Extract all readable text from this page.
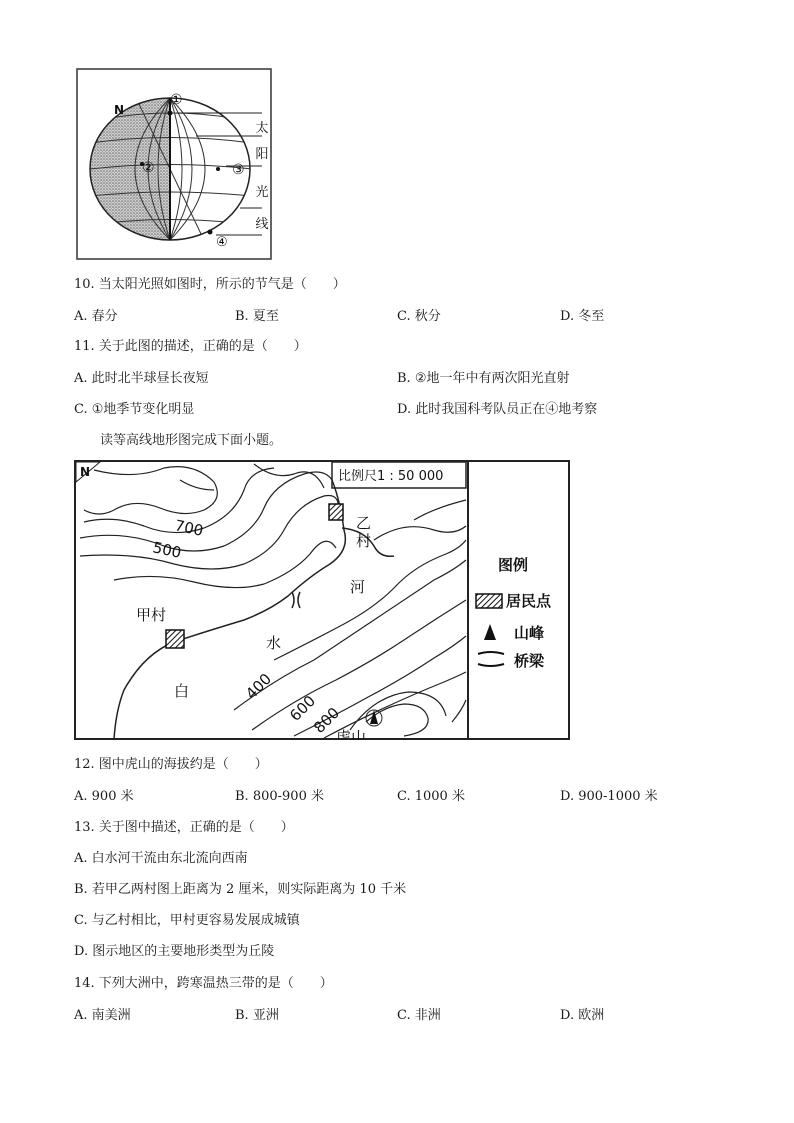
N
①
②	③
④
太
阳
光
线
10. 当太阳光照如图时，所示的节气是（　　）
A. 春分	B. 夏至	C. 秋分	D. 冬至
11. 关于此图的描述，正确的是（　　）
A. 此时北半球昼长夜短	B. ②地一年中有两次阳光直射
C. ①地季节变化明显	D. 此时我国科考队员正在④地考察
读等高线地形图完成下面小题。
N	比例尺1 : 50 000
700
500
400
600
800
甲村
乙
村
白
水
河
虎山
图例
居民点
山峰
桥梁
12. 图中虎山的海拔约是（　　）
A. 900 米	B. 800-900 米	C. 1000 米	D. 900-1000 米
13. 关于图中描述，正确的是（　　）
A. 白水河干流由东北流向西南
B. 若甲乙两村图上距离为 2 厘米，则实际距离为 10 千米
C. 与乙村相比，甲村更容易发展成城镇
D. 图示地区的主要地形类型为丘陵
14. 下列大洲中，跨寒温热三带的是（　　）
A. 南美洲	B. 亚洲	C. 非洲	D. 欧洲
